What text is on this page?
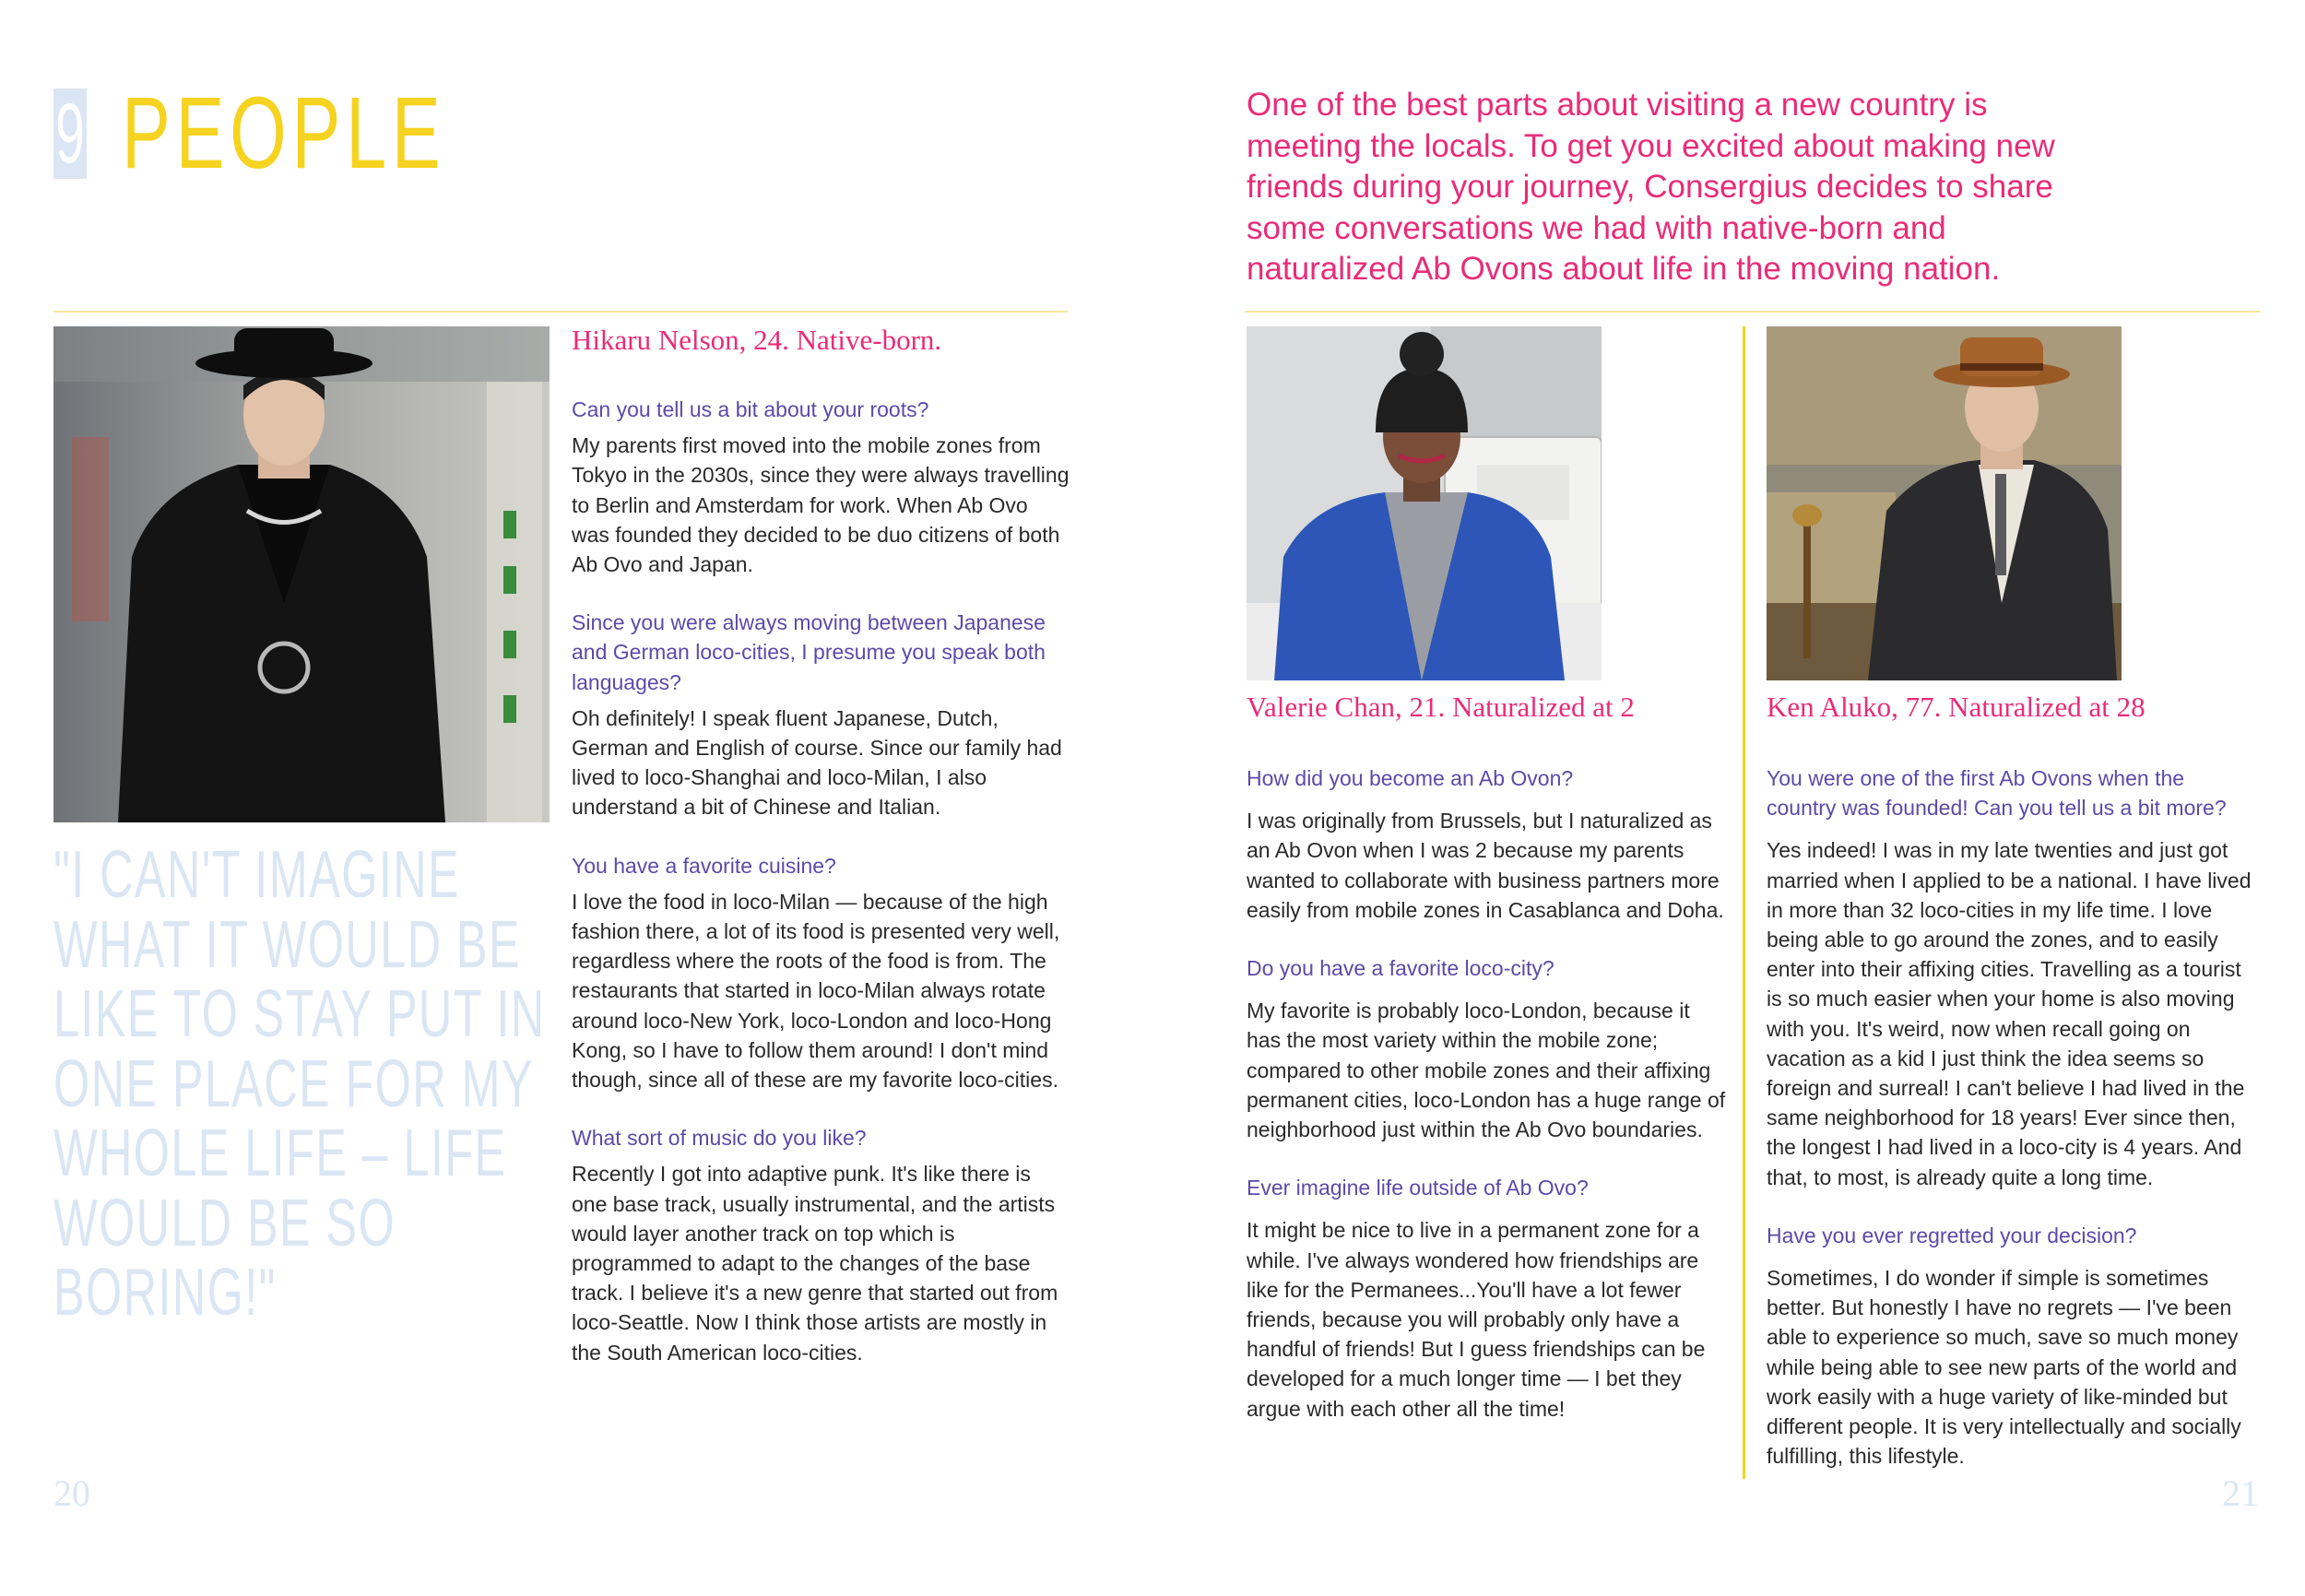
9 PEOPLE	One of the best parts about visiting a new country is meeting the locals. To get you excited about making new friends during your journey, Consergius decides to share some conversations we had with native-born and naturalized Ab Ovons about life in the moving nation.
"I CAN'T IMAGINE WHAT IT WOULD BE LIKE TO STAY PUT IN ONE PLACE FOR MY WHOLE LIFE – LIFE WOULD BE SO BORING!"
Hikaru Nelson, 24. Native-born.

Can you tell us a bit about your roots?

My parents first moved into the mobile zones from Tokyo in the 2030s, since they were always travelling to Berlin and Amsterdam for work. When Ab Ovo was founded they decided to be duo citizens of both Ab Ovo and Japan.

Since you were always moving between Japanese and German loco-cities, I presume you speak both languages?

Oh definitely! I speak fluent Japanese, Dutch, German and English of course. Since our family had lived to loco-Shanghai and loco-Milan, I also understand a bit of Chinese and Italian.

You have a favorite cuisine?

I love the food in loco-Milan — because of the high fashion there, a lot of its food is presented very well, regardless where the roots of the food is from. The restaurants that started in loco-Milan always rotate around loco-New York, loco-London and loco-Hong Kong, so I have to follow them around! I don't mind though, since all of these are my favorite loco-cities.

What sort of music do you like?

Recently I got into adaptive punk. It's like there is one base track, usually instrumental, and the artists would layer another track on top which is programmed to adapt to the changes of the base track. I believe it's a new genre that started out from loco-Seattle. Now I think those artists are mostly in the South American loco-cities.

Valerie Chan, 21. Naturalized at 2

How did you become an Ab Ovon?

I was originally from Brussels, but I naturalized as an Ab Ovon when I was 2 because my parents wanted to collaborate with business partners more easily from mobile zones in Casablanca and Doha.

Do you have a favorite loco-city?

My favorite is probably loco-London, because it has the most variety within the mobile zone; compared to other mobile zones and their affixing permanent cities, loco-London has a huge range of neighborhood just within the Ab Ovo boundaries.

Ever imagine life outside of Ab Ovo?

It might be nice to live in a permanent zone for a while. I've always wondered how friendships are like for the Permanees...You'll have a lot fewer friends, because you will probably only have a handful of friends! But I guess friendships can be developed for a much longer time — I bet they argue with each other all the time!

Ken Aluko, 77. Naturalized at 28

You were one of the first Ab Ovons when the country was founded! Can you tell us a bit more?

Yes indeed! I was in my late twenties and just got married when I applied to be a national. I have lived in more than 32 loco-cities in my life time. I love being able to go around the zones, and to easily enter into their affixing cities. Travelling as a tourist is so much easier when your home is also moving with you. It's weird, now when recall going on vacation as a kid I just think the idea seems so foreign and surreal! I can't believe I had lived in the same neighborhood for 18 years! Ever since then, the longest I had lived in a loco-city is 4 years. And that, to most, is already quite a long time.

Have you ever regretted your decision?

Sometimes, I do wonder if simple is sometimes better. But honestly I have no regrets — I've been able to experience so much, save so much money while being able to see new parts of the world and work easily with a huge variety of like-minded but different people. It is very intellectually and socially fulfilling, this lifestyle.

20	21
